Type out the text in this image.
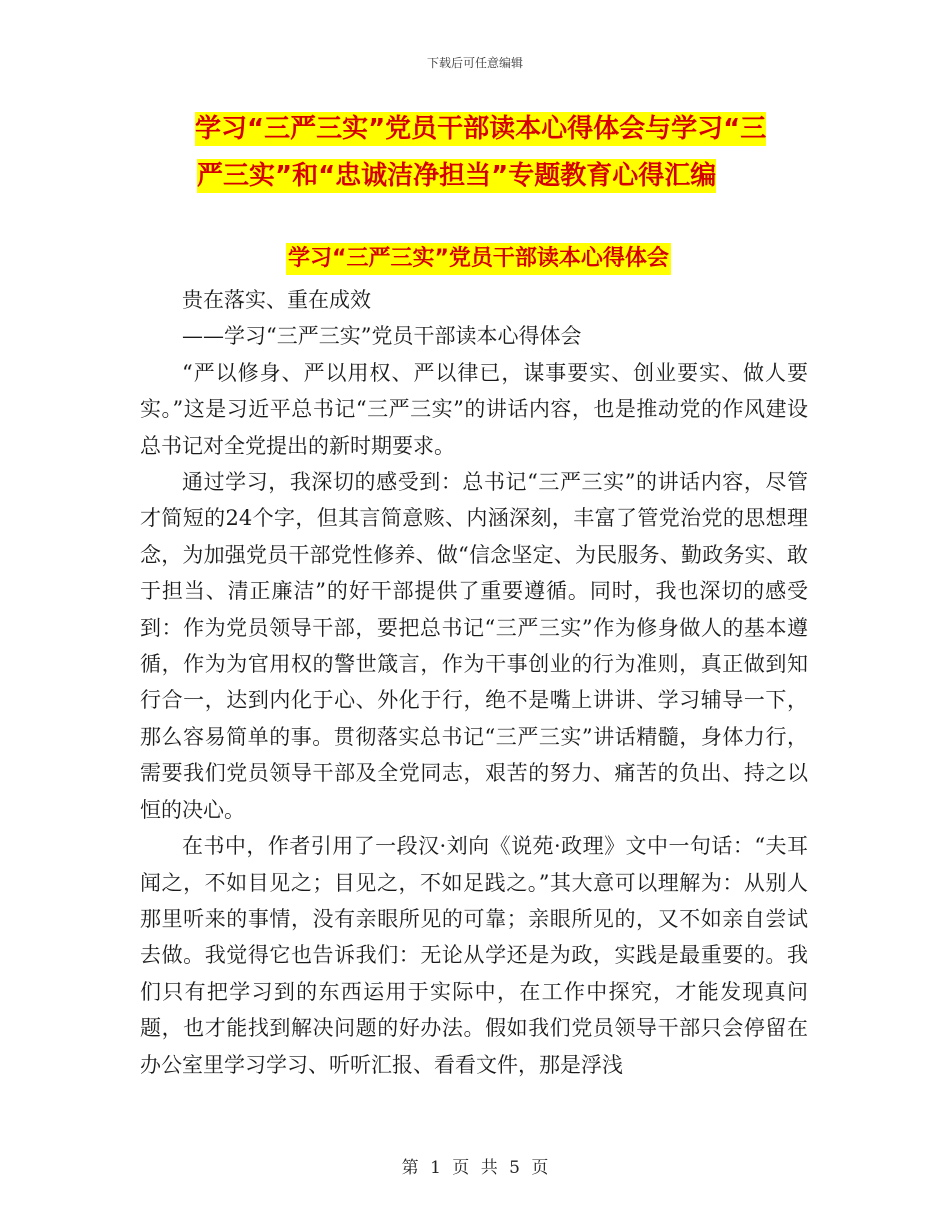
下载后可任意编辑
学习“三严三实”党员干部读本心得体会与学习“三
严三实”和“忠诚洁净担当”专题教育心得汇编
学习“三严三实”党员干部读本心得体会

贵在落实、重在成效

——学习“三严三实”党员干部读本心得体会

“严以修身、严以用权、严以律已，谋事要实、创业要实、做人要实。”这是习近平总书记“三严三实”的讲话内容，也是推动党的作风建设总书记对全党提出的新时期要求。

通过学习，我深切的感受到：总书记“三严三实”的讲话内容，尽管才简短的24个字，但其言简意赅、内涵深刻，丰富了管党治党的思想理念，为加强党员干部党性修养、做“信念坚定、为民服务、勤政务实、敢于担当、清正廉洁”的好干部提供了重要遵循。同时，我也深切的感受到：作为党员领导干部，要把总书记“三严三实”作为修身做人的基本遵循，作为为官用权的警世箴言，作为干事创业的行为准则，真正做到知行合一，达到内化于心、外化于行，绝不是嘴上讲讲、学习辅导一下，那么容易简单的事。贯彻落实总书记“三严三实”讲话精髓，身体力行，需要我们党员领导干部及全党同志，艰苦的努力、痛苦的负出、持之以恒的决心。

在书中，作者引用了一段汉·刘向《说苑·政理》文中一句话：“夫耳闻之，不如目见之；目见之，不如足践之。”其大意可以理解为：从别人那里听来的事情，没有亲眼所见的可靠；亲眼所见的，又不如亲自尝试去做。我觉得它也告诉我们：无论从学还是为政，实践是最重要的。我们只有把学习到的东西运用于实际中，在工作中探究，才能发现真问题，也才能找到解决问题的好办法。假如我们党员领导干部只会停留在办公室里学习学习、听听汇报、看看文件，那是浮浅

第 1 页 共 5 页
